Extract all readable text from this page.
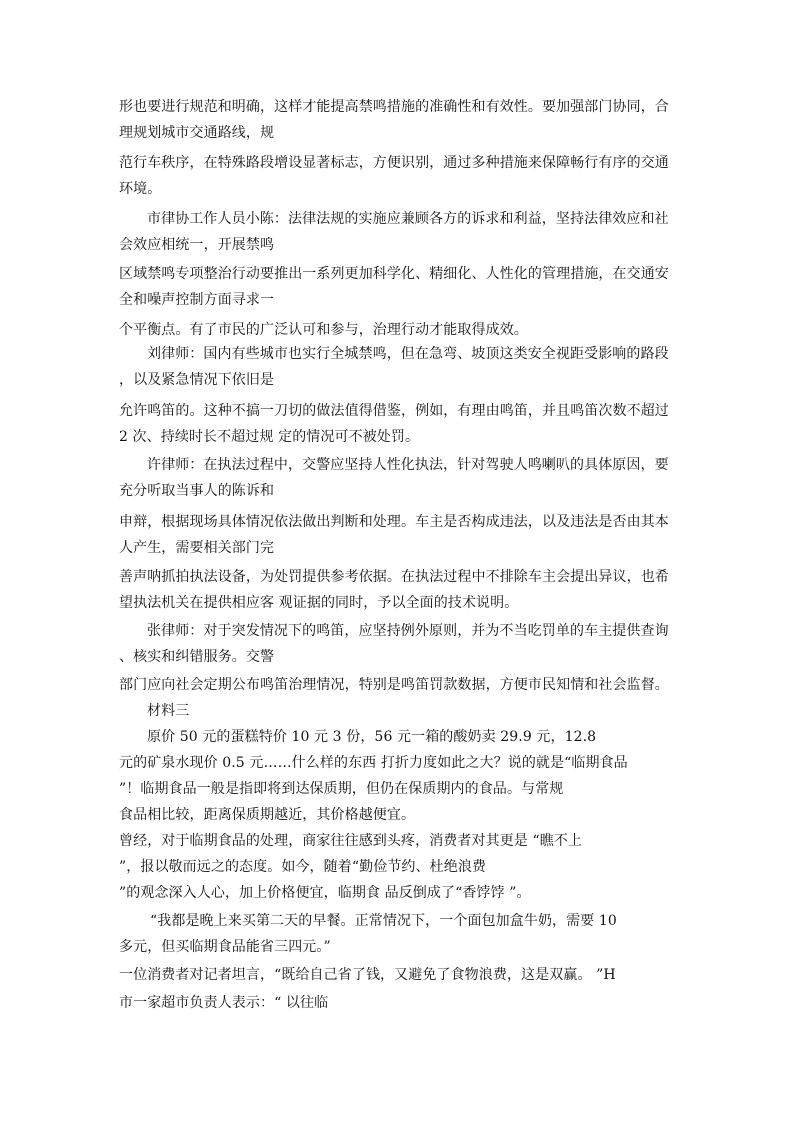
形也要进行规范和明确，这样才能提高禁鸣措施的准确性和有效性。要加强部门协同，合
理规划城市交通路线，规
范行车秩序，在特殊路段增设显著标志，方便识别，通过多种措施来保障畅行有序的交通
环境。
市律协工作人员小陈：法律法规的实施应兼顾各方的诉求和利益，坚持法律效应和社
会效应相统一，开展禁鸣
区域禁鸣专项整治行动要推出一系列更加科学化、精细化、人性化的管理措施，在交通安
全和噪声控制方面寻求一
个平衡点。有了市民的广泛认可和参与，治理行动才能取得成效。
刘律师：国内有些城市也实行全城禁鸣，但在急弯、坡顶这类安全视距受影响的路段
，以及紧急情况下依旧是
允许鸣笛的。这种不搞一刀切的做法值得借鉴，例如，有理由鸣笛，并且鸣笛次数不超过
2 次、持续时长不超过规 定的情况可不被处罚。
许律师：在执法过程中，交警应坚持人性化执法，针对驾驶人鸣喇叭的具体原因，要
充分听取当事人的陈诉和
申辩，根据现场具体情况依法做出判断和处理。车主是否构成违法，以及违法是否由其本
人产生，需要相关部门完
善声呐抓拍执法设备，为处罚提供参考依据。在执法过程中不排除车主会提出异议，也希
望执法机关在提供相应客 观证据的同时，予以全面的技术说明。
张律师：对于突发情况下的鸣笛，应坚持例外原则，并为不当吃罚单的车主提供查询
、核实和纠错服务。交警
部门应向社会定期公布鸣笛治理情况，特别是鸣笛罚款数据，方便市民知情和社会监督。
材料三
原价 50 元的蛋糕特价 10 元 3 份，56 元一箱的酸奶卖 29.9 元，12.8
元的矿泉水现价 0.5 元……什么样的东西 打折力度如此之大？说的就是“临期食品
”！临期食品一般是指即将到达保质期，但仍在保质期内的食品。与常规
食品相比较，距离保质期越近，其价格越便宜。
曾经，对于临期食品的处理，商家往往感到头疼，消费者对其更是 “瞧不上
”，报以敬而远之的态度。如今，随着“勤俭节约、杜绝浪费
”的观念深入人心，加上价格便宜，临期食 品反倒成了“香饽饽 ”。
“我都是晚上来买第二天的早餐。正常情况下，一个面包加盒牛奶，需要 10
多元，但买临期食品能省三四元。”
一位消费者对记者坦言，“既给自己省了钱，又避免了食物浪费，这是双赢。 ”H
市一家超市负责人表示：“ 以往临
